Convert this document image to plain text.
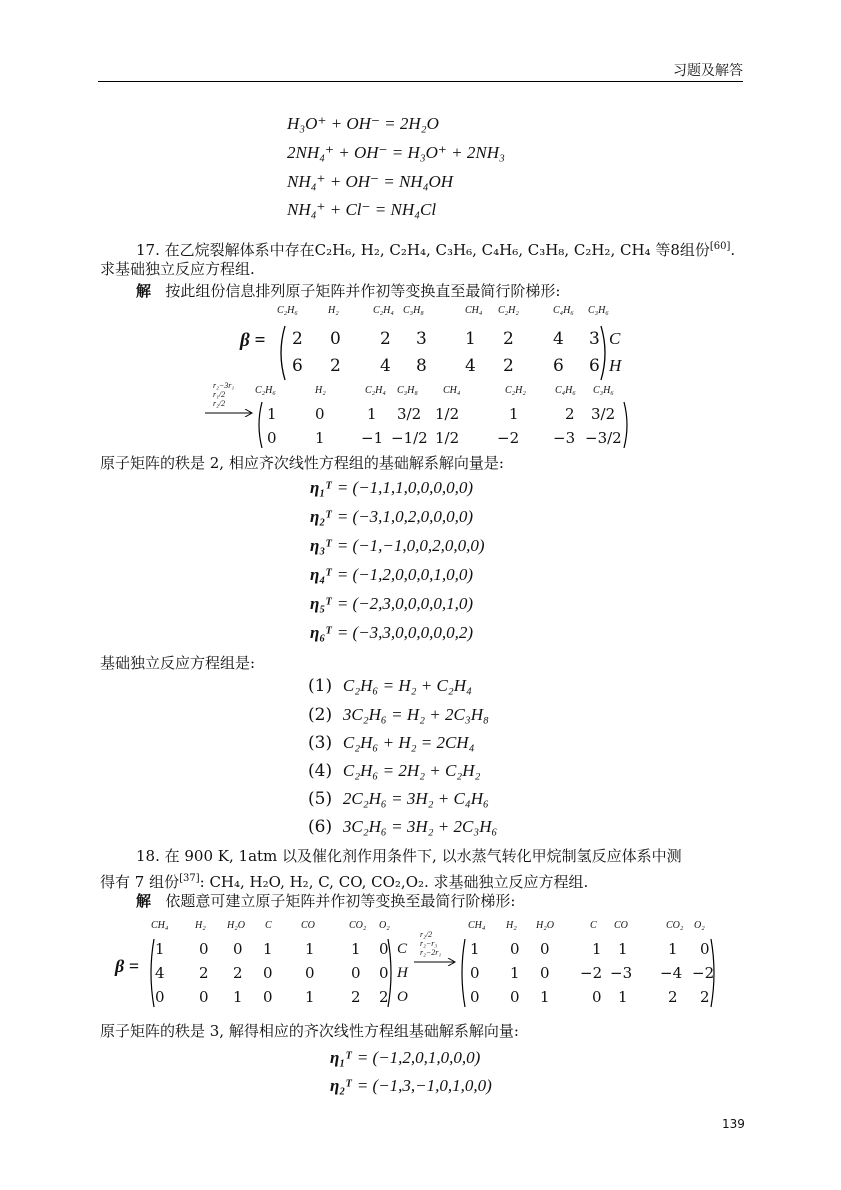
习题及解答
H₃O⁺ + OH⁻ = 2H₂O
2NH₄⁺ + OH⁻ = H₃O⁺ + 2NH₃
NH₄⁺ + OH⁻ = NH₄OH
NH₄⁺ + Cl⁻ = NH₄Cl
17. 在乙烷裂解体系中存在C₂H₆, H₂, C₂H₄, C₃H₆, C₄H₆, C₃H₈, C₂H₂, CH₄ 等8组份[60].
求基础独立反应方程组.
解 按此组份信息排列原子矩阵并作初等变换直至最简行阶梯形:
β =
C₂H₆	H₂	C₂H₄ C₃H₈	CH₄ C₂H₂	C₄H₆ C₃H₆
2 0 2 3 1 2 4 3 C
6 2 4 8 4 2 6 6 H
r₂−3r₁
r₁/2
r₂/2
C₂H₆	H₂	C₂H₄ C₃H₈	CH₄	C₂H₂	C₄H₆ C₃H₆
1	0	1 3/2 1/2	1	2 3/2
0	1 −1 −1/2 1/2	−2 −3 −3/2
原子矩阵的秩是 2, 相应齐次线性方程组的基础解系解向量是:
η₁ᵀ = (−1,1,1,0,0,0,0,0)
η₂ᵀ = (−3,1,0,2,0,0,0,0)
η₃ᵀ = (−1,−1,0,0,2,0,0,0)
η₄ᵀ = (−1,2,0,0,0,1,0,0)
η₅ᵀ = (−2,3,0,0,0,0,1,0)
η₆ᵀ = (−3,3,0,0,0,0,0,2)
基础独立反应方程组是:
(1) C₂H₆ = H₂ + C₂H₄
(2) 3C₂H₆ = H₂ + 2C₃H₈
(3) C₂H₆ + H₂ = 2CH₄
(4) C₂H₆ = 2H₂ + C₂H₂
(5) 2C₂H₆ = 3H₂ + C₄H₆
(6) 3C₂H₆ = 3H₂ + 2C₃H₆
18. 在 900 K, 1atm 以及催化剂作用条件下, 以水蒸气转化甲烷制氢反应体系中测
得有 7 组份[37]: CH₄, H₂O, H₂, C, CO, CO₂,O₂. 求基础独立反应方程组.
解 依题意可建立原子矩阵并作初等变换至最简行阶梯形:
β =
CH₄	H₂ H₂O C	CO	CO₂ O₂
1 0 0 1 1 1 0 C
4 2 2 0 0 0 0 H
0 0 1 0 1 2 2 O
r₂/2
r₂−r₃
r₂−2r₁
CH₄ H₂ H₂O	C CO	CO₂ O₂
1 0 0	1 1	1 0
0 1 0 −2 −3 −4 −2
0 0 1	0 1	2 2
原子矩阵的秩是 3, 解得相应的齐次线性方程组基础解系解向量:
η₁ᵀ = (−1,2,0,1,0,0,0)
η₂ᵀ = (−1,3,−1,0,1,0,0)
139
